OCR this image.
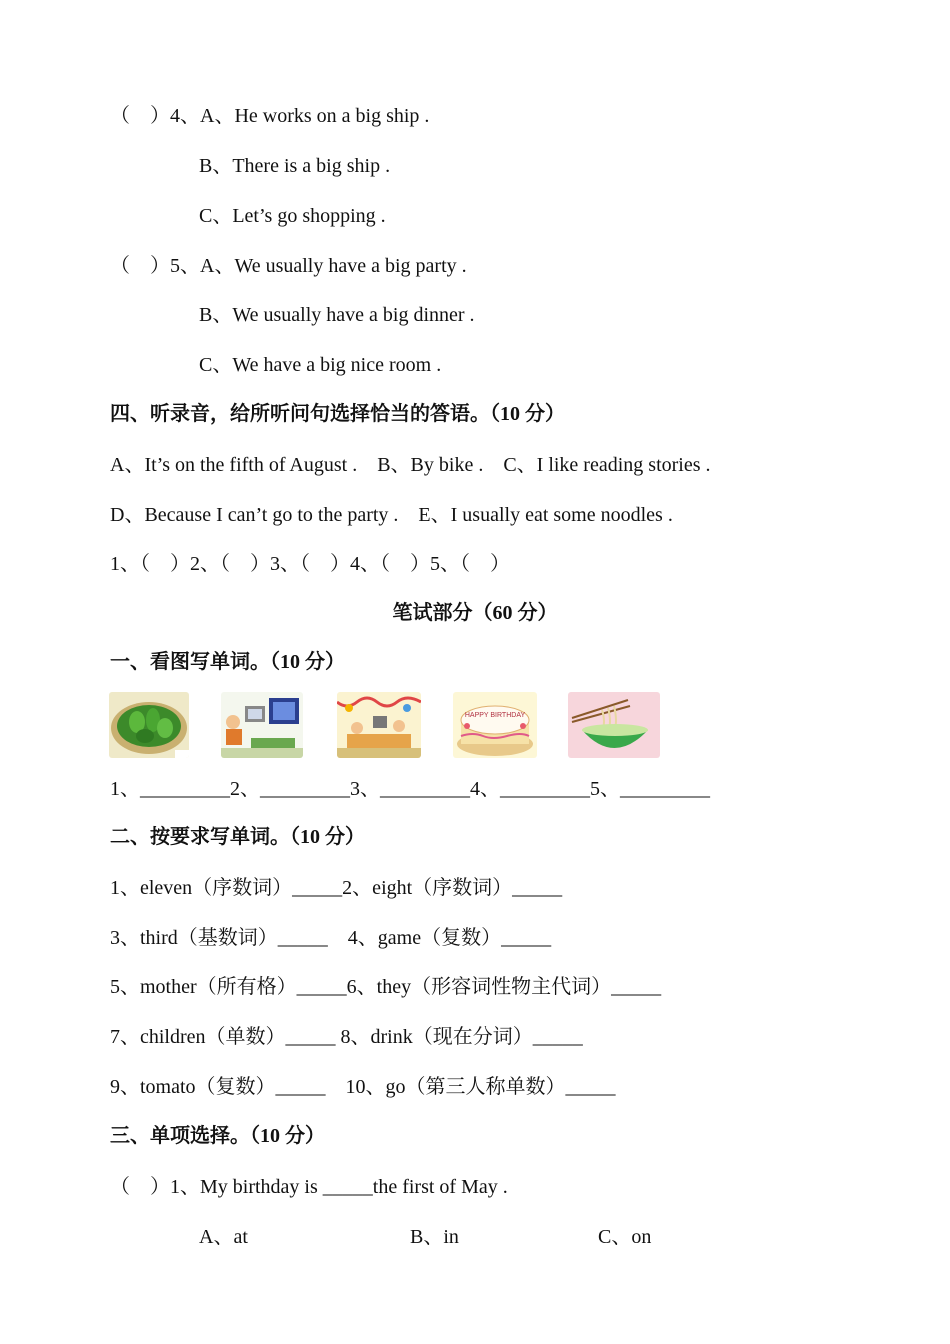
（　）4、A、He works on a big ship .
B、There is a big ship .
C、Let’s go shopping .
（　）5、A、We usually have a big party .
B、We usually have a big dinner .
C、We have a big nice room .
四、听录音，给所听问句选择恰当的答语。（10 分）
A、It’s on the fifth of August .    B、By bike .    C、I like reading stories .
D、Because I can’t go to the party .    E、I usually eat some noodles .
1、（　）2、（　）3、（　）4、（　）5、（　）
笔试部分（60 分）
一、看图写单词。（10 分）
HAPPY BIRTHDAY
1、_________2、_________3、_________4、_________5、_________
二、按要求写单词。（10 分）
1、eleven（序数词）_____2、eight（序数词）_____
3、third（基数词）_____    4、game（复数）_____
5、mother（所有格）_____6、they（形容词性物主代词）_____
7、children（单数）_____ 8、drink（现在分词）_____
9、tomato（复数）_____    10、go（第三人称单数）_____
三、单项选择。（10 分）
（　）1、My birthday is _____the first of May .
A、at	B、in	C、on
